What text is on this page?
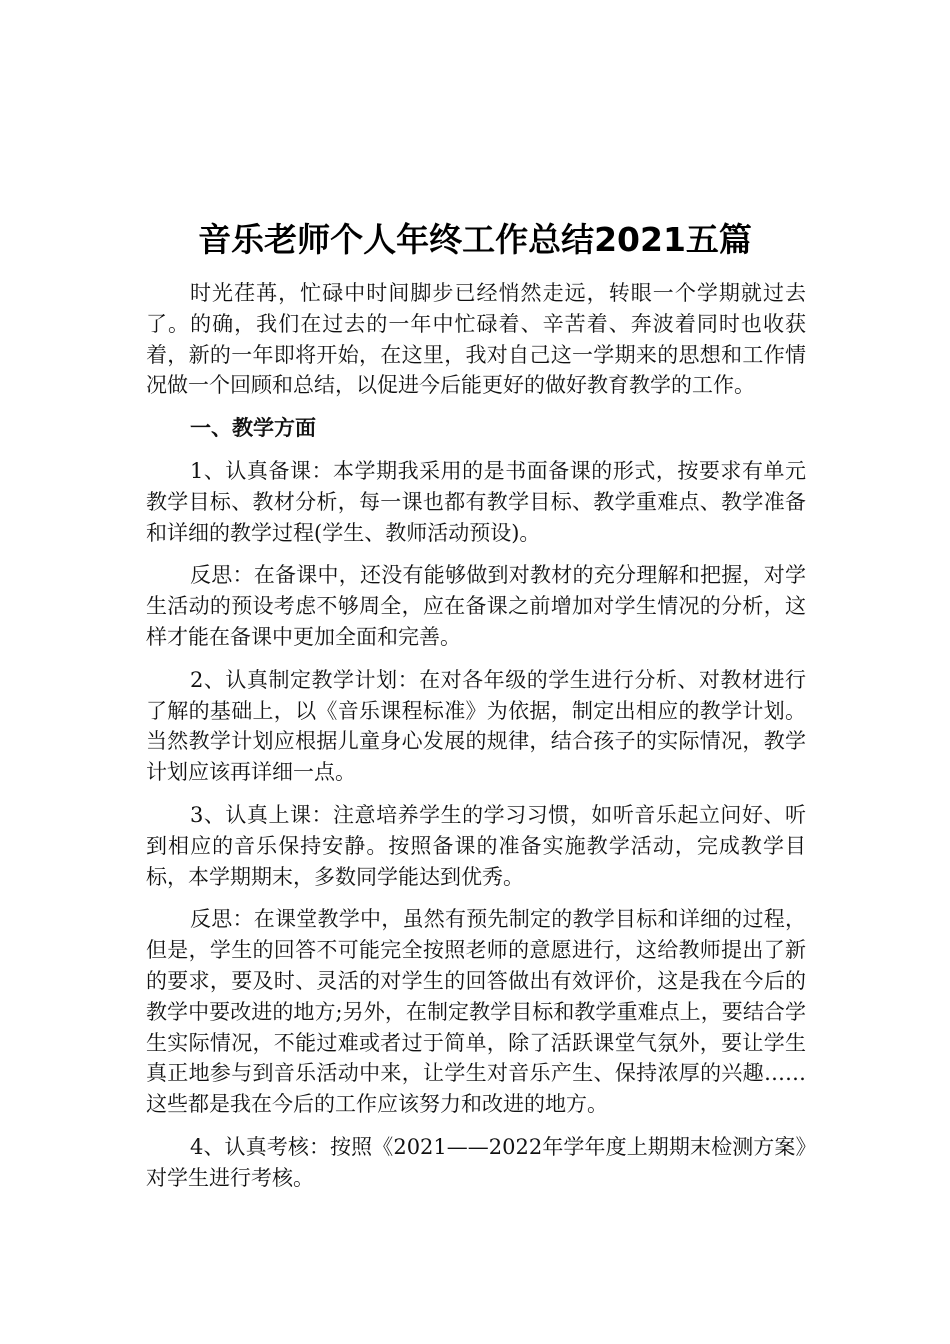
音乐老师个人年终工作总结2021五篇

时光荏苒，忙碌中时间脚步已经悄然走远，转眼一个学期就过去了。的确，我们在过去的一年中忙碌着、辛苦着、奔波着同时也收获着，新的一年即将开始，在这里，我对自己这一学期来的思想和工作情况做一个回顾和总结，以促进今后能更好的做好教育教学的工作。

一、教学方面

1、认真备课：本学期我采用的是书面备课的形式，按要求有单元教学目标、教材分析，每一课也都有教学目标、教学重难点、教学准备和详细的教学过程(学生、教师活动预设)。

反思：在备课中，还没有能够做到对教材的充分理解和把握，对学生活动的预设考虑不够周全，应在备课之前增加对学生情况的分析，这样才能在备课中更加全面和完善。

2、认真制定教学计划：在对各年级的学生进行分析、对教材进行了解的基础上，以《音乐课程标准》为依据，制定出相应的教学计划。当然教学计划应根据儿童身心发展的规律，结合孩子的实际情况，教学计划应该再详细一点。

3、认真上课：注意培养学生的学习习惯，如听音乐起立问好、听到相应的音乐保持安静。按照备课的准备实施教学活动，完成教学目标，本学期期末，多数同学能达到优秀。

反思：在课堂教学中，虽然有预先制定的教学目标和详细的过程，但是，学生的回答不可能完全按照老师的意愿进行，这给教师提出了新的要求，要及时、灵活的对学生的回答做出有效评价，这是我在今后的教学中要改进的地方;另外，在制定教学目标和教学重难点上，要结合学生实际情况，不能过难或者过于简单，除了活跃课堂气氛外，要让学生真正地参与到音乐活动中来，让学生对音乐产生、保持浓厚的兴趣……这些都是我在今后的工作应该努力和改进的地方。

4、认真考核：按照《2021——2022年学年度上期期末检测方案》对学生进行考核。
